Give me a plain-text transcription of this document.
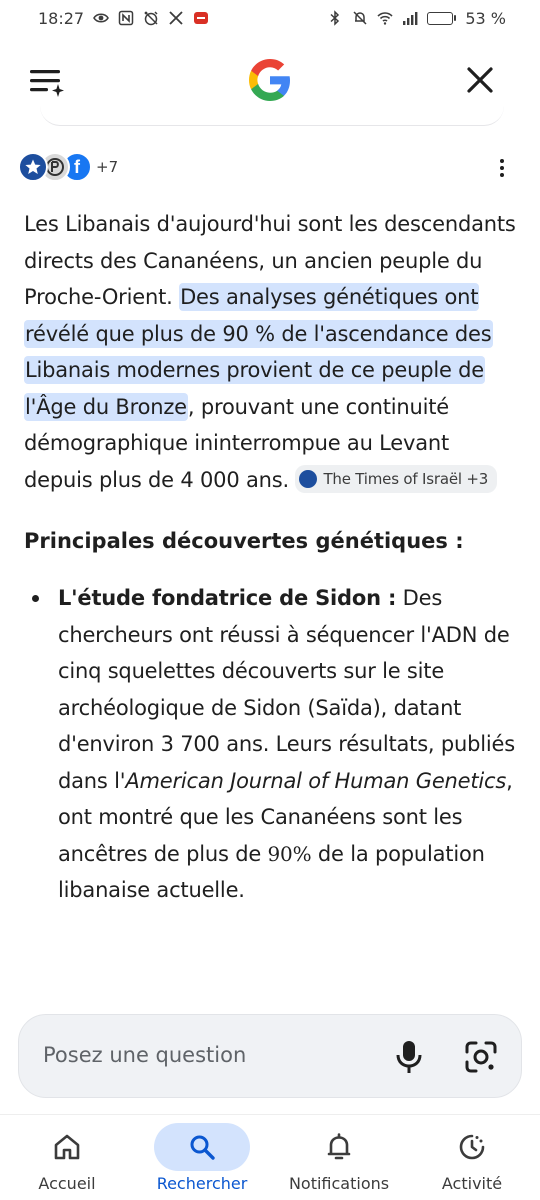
18:27	53 %
f	+7

Les Libanais d'aujourd'hui sont les descendants directs des Cananéens, un ancien peuple du Proche-Orient. Des analyses génétiques ont révélé que plus de 90 % de l'ascendance des Libanais modernes provient de ce peuple de l'Âge du Bronze, prouvant une continuité démographique ininterrompue au Levant depuis plus de 4 000 ans. The Times of Israël +3

Principales découvertes génétiques :
L'étude fondatrice de Sidon : Des chercheurs ont réussi à séquencer l'ADN de cinq squelettes découverts sur le site archéologique de Sidon (Saïda), datant d'environ 3 700 ans. Leurs résultats, publiés dans l'American Journal of Human Genetics, ont montré que les Cananéens sont les ancêtres de plus de 90% de la population libanaise actuelle.
Posez une question
Accueil	Rechercher	Notifications	Activité
